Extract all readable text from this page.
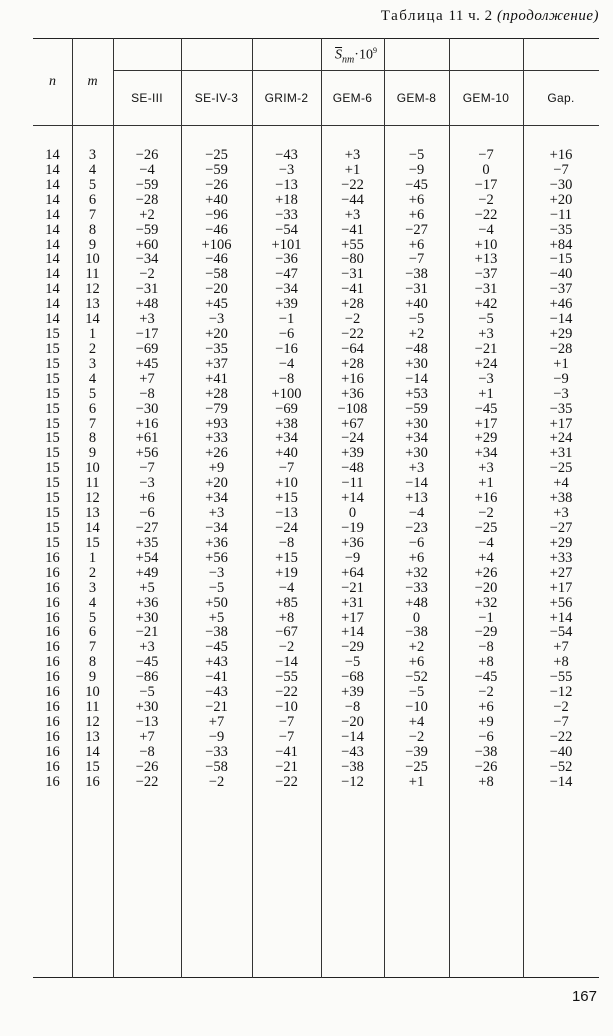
Таблица 11 ч. 2 (продолжение)
n	m
$\overline{S}_{nm}\cdot 10^9$
SE-III	SE-IV-3	GRIM-2	GEM-6	GEM-8	GEM-10	Gap.
14	3	−26	−25	−43	+3	−5	−7	+16
14	4	−4	−59	−3	+1	−9	0	−7
14	5	−59	−26	−13	−22	−45	−17	−30
14	6	−28	+40	+18	−44	+6	−2	+20
14	7	+2	−96	−33	+3	+6	−22	−11
14	8	−59	−46	−54	−41	−27	−4	−35
14	9	+60	+106	+101	+55	+6	+10	+84
14	10	−34	−46	−36	−80	−7	+13	−15
14	11	−2	−58	−47	−31	−38	−37	−40
14	12	−31	−20	−34	−41	−31	−31	−37
14	13	+48	+45	+39	+28	+40	+42	+46
14	14	+3	−3	−1	−2	−5	−5	−14
15	1	−17	+20	−6	−22	+2	+3	+29
15	2	−69	−35	−16	−64	−48	−21	−28
15	3	+45	+37	−4	+28	+30	+24	+1
15	4	+7	+41	−8	+16	−14	−3	−9
15	5	−8	+28	+100	+36	+53	+1	−3
15	6	−30	−79	−69	−108	−59	−45	−35
15	7	+16	+93	+38	+67	+30	+17	+17
15	8	+61	+33	+34	−24	+34	+29	+24
15	9	+56	+26	+40	+39	+30	+34	+31
15	10	−7	+9	−7	−48	+3	+3	−25
15	11	−3	+20	+10	−11	−14	+1	+4
15	12	+6	+34	+15	+14	+13	+16	+38
15	13	−6	+3	−13	0	−4	−2	+3
15	14	−27	−34	−24	−19	−23	−25	−27
15	15	+35	+36	−8	+36	−6	−4	+29
16	1	+54	+56	+15	−9	+6	+4	+33
16	2	+49	−3	+19	+64	+32	+26	+27
16	3	+5	−5	−4	−21	−33	−20	+17
16	4	+36	+50	+85	+31	+48	+32	+56
16	5	+30	+5	+8	+17	0	−1	+14
16	6	−21	−38	−67	+14	−38	−29	−54
16	7	+3	−45	−2	−29	+2	−8	+7
16	8	−45	+43	−14	−5	+6	+8	+8
16	9	−86	−41	−55	−68	−52	−45	−55
16	10	−5	−43	−22	+39	−5	−2	−12
16	11	+30	−21	−10	−8	−10	+6	−2
16	12	−13	+7	−7	−20	+4	+9	−7
16	13	+7	−9	−7	−14	−2	−6	−22
16	14	−8	−33	−41	−43	−39	−38	−40
16	15	−26	−58	−21	−38	−25	−26	−52
16	16	−22	−2	−22	−12	+1	+8	−14
167
